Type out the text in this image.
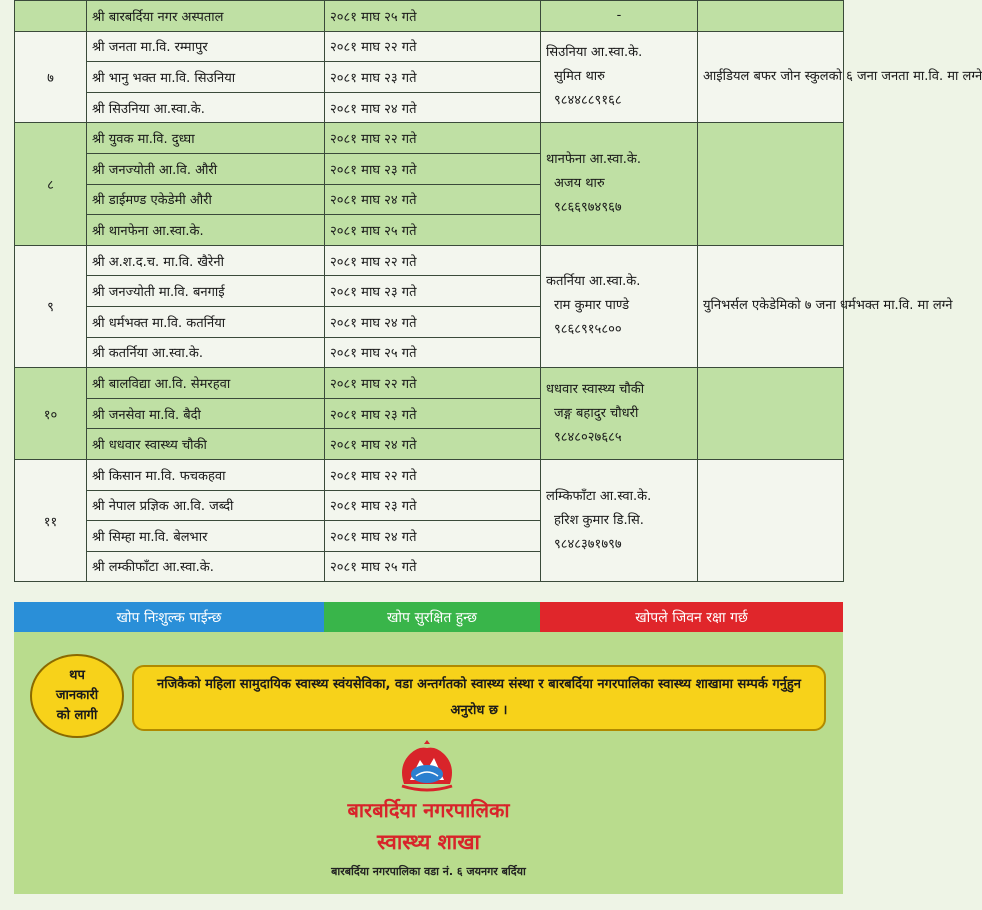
	श्री बारबर्दिया नगर अस्पताल	२०८१ माघ २५ गते	-	
७	श्री जनता मा.वि. रम्मापुर	२०८१ माघ २२ गते	सिउनिया आ.स्वा.के.
सुमित थारु
९८४४८८९१६८	आईडियल बफर जोन स्कुलको ६ जना जनता मा.वि. मा लग्ने
	श्री भानु भक्त मा.वि. सिउनिया	२०८१ माघ २३ गते		
	श्री सिउनिया आ.स्वा.के.	२०८१ माघ २४ गते		
८	श्री युवक मा.वि. दुध्घा	२०८१ माघ २२ गते	थानफेना आ.स्वा.के.
अजय थारु
९८६६९७४९६७	

	श्री जनज्योती आ.वि. औरी	२०८१ माघ २३ गते		
	श्री डाईमण्ड एकेडेमी औरी	२०८१ माघ २४ गते		
	श्री थानफेना आ.स्वा.के.	२०८१ माघ २५ गते		
९	श्री अ.श.द.च. मा.वि. खैरेनी	२०८१ माघ २२ गते	कतर्निया आ.स्वा.के.
राम कुमार पाण्डे
९८६८९१५८००	युनिभर्सल एकेडेमिको ७ जना धर्मभक्त मा.वि. मा लग्ने
	श्री जनज्योती मा.वि. बनगाई	२०८१ माघ २३ गते		
	श्री धर्मभक्त मा.वि. कतर्निया	२०८१ माघ २४ गते		
	श्री कतर्निया आ.स्वा.के.	२०८१ माघ २५ गते		
१०	श्री बालविद्या आ.वि. सेमरहवा	२०८१ माघ २२ गते	धधवार स्वास्थ्य चौकी
जङ्ग बहादुर चौधरी
९८४८०२७६८५	

	श्री जनसेवा मा.वि. बैदी	२०८१ माघ २३ गते		
	श्री धधवार स्वास्थ्य चौकी	२०८१ माघ २४ गते		
११	श्री किसान मा.वि. फचकहवा	२०८१ माघ २२ गते	लम्किफाँटा आ.स्वा.के.
हरिश कुमार डि.सि.
९८४८३७१७९७	

	श्री नेपाल प्रज्ञिक आ.वि. जब्दी	२०८१ माघ २३ गते		
	श्री सिम्हा मा.वि. बेलभार	२०८१ माघ २४ गते		
	श्री लम्कीफाँटा आ.स्वा.के.	२०८१ माघ २५ गते		
खोप निःशुल्क पाईन्छ	खोप सुरक्षित हुन्छ	खोपले जिवन रक्षा गर्छ
थप
जानकारी
को लागी
नजिकैको महिला सामुदायिक स्वास्थ्य स्वंयसेविका, वडा अन्तर्गतको स्वास्थ्य संस्था र बारबर्दिया नगरपालिका स्वास्थ्य शाखामा सम्पर्क गर्नुहुन अनुरोध छ ।
बारबर्दिया नगरपालिका
स्वास्थ्य शाखा
बारबर्दिया नगरपालिका वडा नं. ६ जयनगर बर्दिया
